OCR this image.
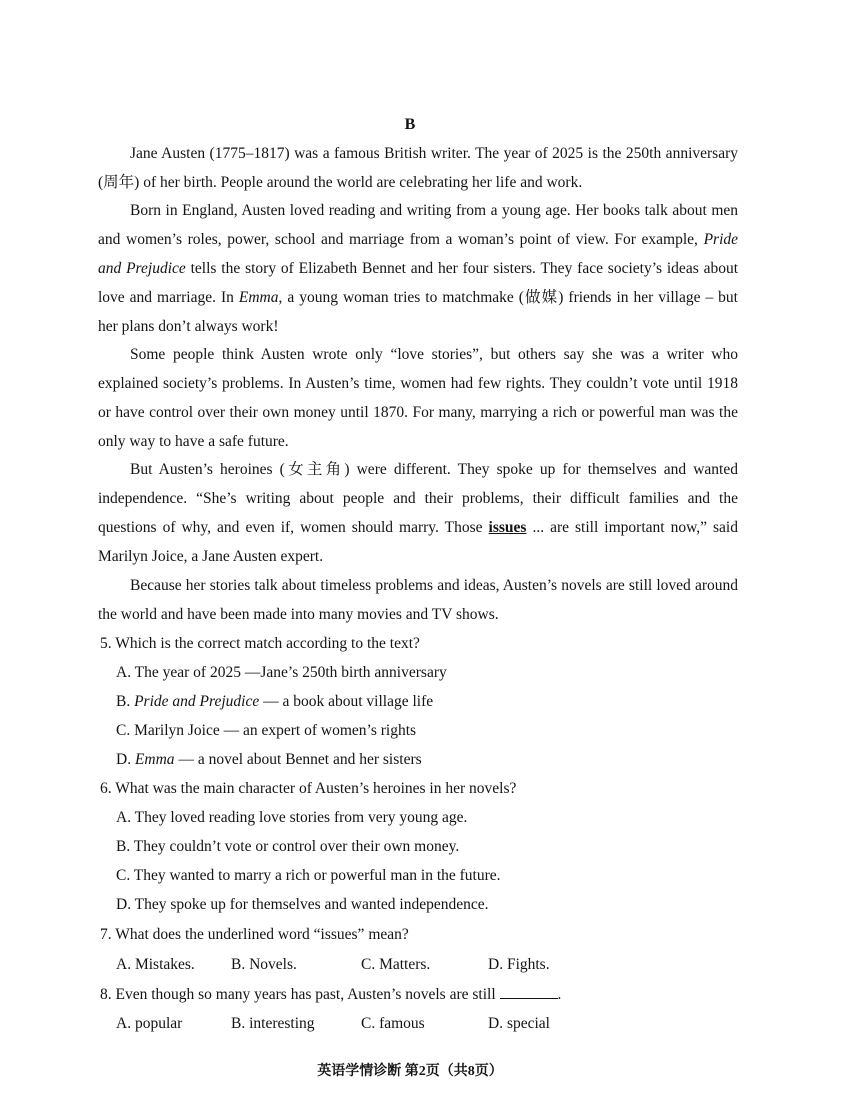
B

Jane Austen (1775–1817) was a famous British writer. The year of 2025 is the 250th anniversary (周年) of her birth. People around the world are celebrating her life and work.

Born in England, Austen loved reading and writing from a young age. Her books talk about men and women’s roles, power, school and marriage from a woman’s point of view. For example, Pride and Prejudice tells the story of Elizabeth Bennet and her four sisters. They face society’s ideas about love and marriage. In Emma, a young woman tries to matchmake (做媒) friends in her village – but her plans don’t always work!

Some people think Austen wrote only “love stories”, but others say she was a writer who explained society’s problems. In Austen’s time, women had few rights. They couldn’t vote until 1918 or have control over their own money until 1870. For many, marrying a rich or powerful man was the only way to have a safe future.

But Austen’s heroines (女主角) were different. They spoke up for themselves and wanted independence. “She’s writing about people and their problems, their difficult families and the questions of why, and even if, women should marry. Those issues ... are still important now,” said Marilyn Joice, a Jane Austen expert.

Because her stories talk about timeless problems and ideas, Austen’s novels are still loved around the world and have been made into many movies and TV shows.

5. Which is the correct match according to the text?
A. The year of 2025 —Jane’s 250th birth anniversary
B. Pride and Prejudice — a book about village life
C. Marilyn Joice — an expert of women’s rights
D. Emma — a novel about Bennet and her sisters
6. What was the main character of Austen’s heroines in her novels?
A. They loved reading love stories from very young age.
B. They couldn’t vote or control over their own money.
C. They wanted to marry a rich or powerful man in the future.
D. They spoke up for themselves and wanted independence.
7. What does the underlined word “issues” mean?
A. Mistakes. B. Novels.	C. Matters.	D. Fights.
8. Even though so many years has past, Austen’s novels are still	.
A. popular	B. interesting	C. famous	D. special
英语学情诊断 第2页（共8页）
